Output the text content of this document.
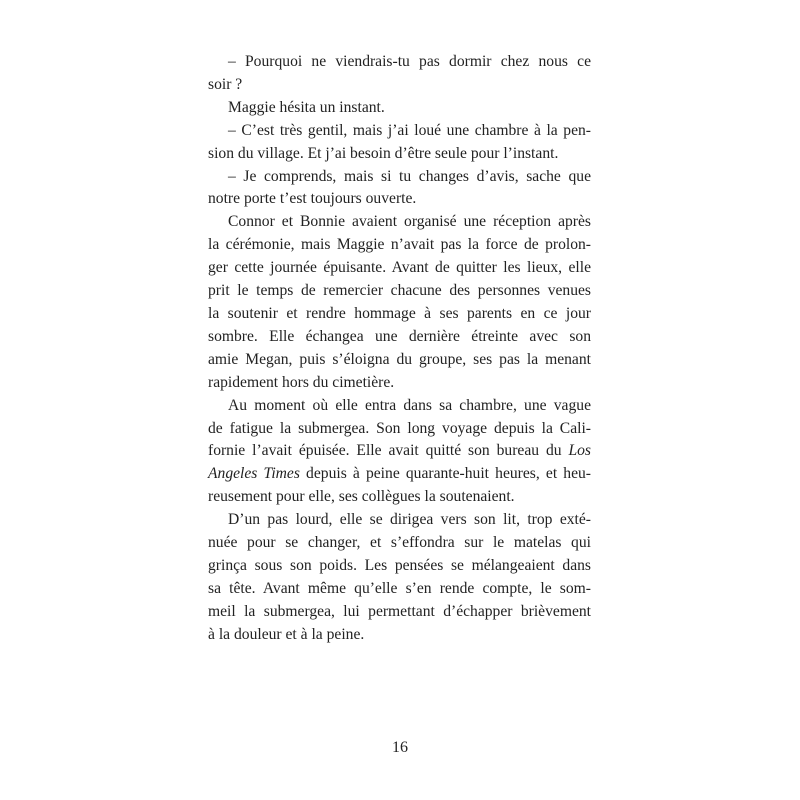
– Pourquoi ne viendrais-tu pas dormir chez nous ce
soir ?

Maggie hésita un instant.

– C’est très gentil, mais j’ai loué une chambre à la pen-
sion du village. Et j’ai besoin d’être seule pour l’instant.

– Je comprends, mais si tu changes d’avis, sache que
notre porte t’est toujours ouverte.

Connor et Bonnie avaient organisé une réception après
la cérémonie, mais Maggie n’avait pas la force de prolon-
ger cette journée épuisante. Avant de quitter les lieux, elle
prit le temps de remercier chacune des personnes venues
la soutenir et rendre hommage à ses parents en ce jour
sombre. Elle échangea une dernière étreinte avec son
amie Megan, puis s’éloigna du groupe, ses pas la menant
rapidement hors du cimetière.

Au moment où elle entra dans sa chambre, une vague
de fatigue la submergea. Son long voyage depuis la Cali-
fornie l’avait épuisée. Elle avait quitté son bureau du Los
Angeles Times depuis à peine quarante-huit heures, et heu-
reusement pour elle, ses collègues la soutenaient.

D’un pas lourd, elle se dirigea vers son lit, trop exté-
nuée pour se changer, et s’effondra sur le matelas qui
grinça sous son poids. Les pensées se mélangeaient dans
sa tête. Avant même qu’elle s’en rende compte, le som-
meil la submergea, lui permettant d’échapper brièvement
à la douleur et à la peine.

16
